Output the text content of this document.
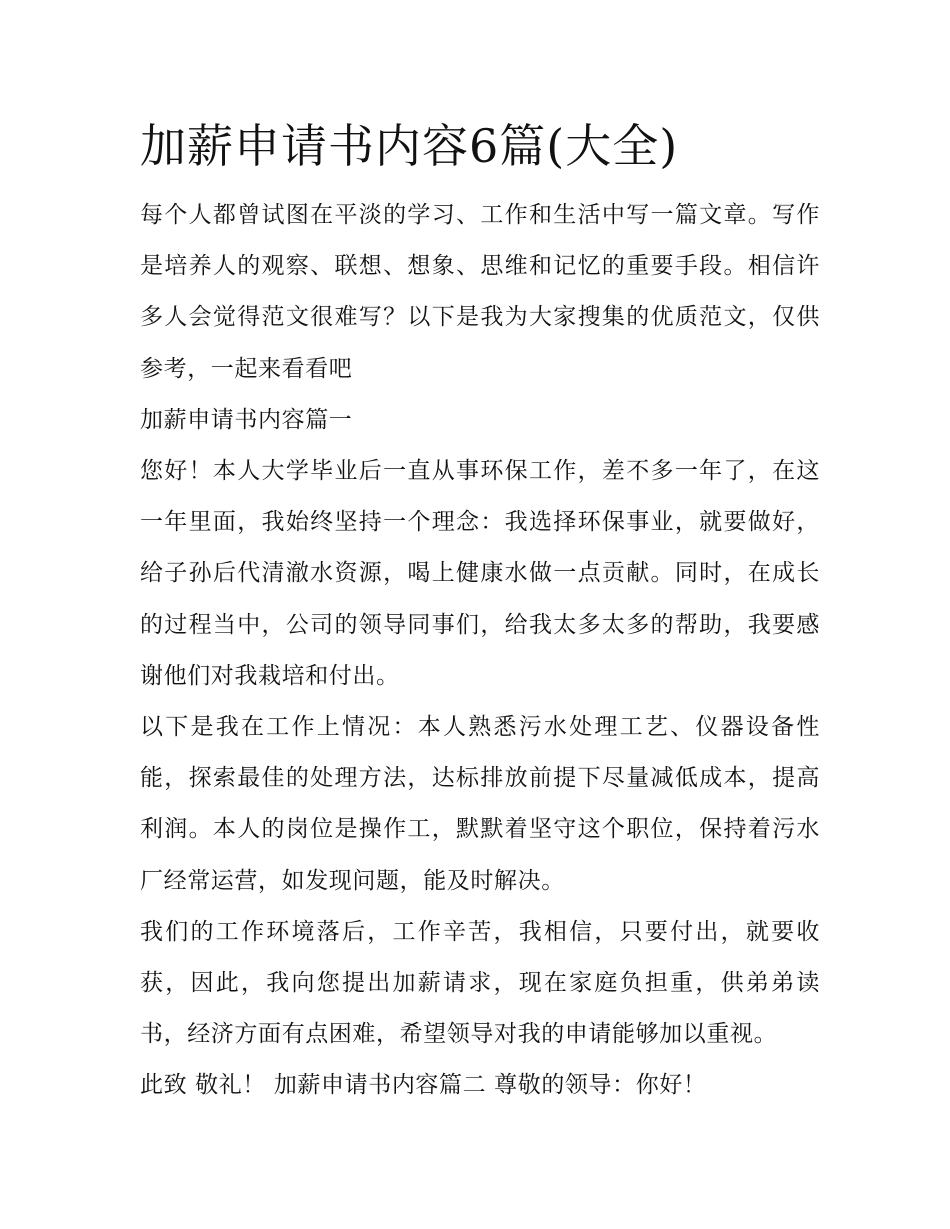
加薪申请书内容6篇(大全)

每个人都曾试图在平淡的学习、工作和生活中写一篇文章。写作是培养人的观察、联想、想象、思维和记忆的重要手段。相信许多人会觉得范文很难写？以下是我为大家搜集的优质范文，仅供参考，一起来看看吧

加薪申请书内容篇一

您好！本人大学毕业后一直从事环保工作，差不多一年了，在这一年里面，我始终坚持一个理念：我选择环保事业，就要做好，给子孙后代清澈水资源，喝上健康水做一点贡献。同时，在成长的过程当中，公司的领导同事们，给我太多太多的帮助，我要感谢他们对我栽培和付出。

以下是我在工作上情况：本人熟悉污水处理工艺、仪器设备性能，探索最佳的处理方法，达标排放前提下尽量减低成本，提高利润。本人的岗位是操作工，默默着坚守这个职位，保持着污水厂经常运营，如发现问题，能及时解决。

我们的工作环境落后，工作辛苦，我相信，只要付出，就要收获，因此，我向您提出加薪请求，现在家庭负担重，供弟弟读书，经济方面有点困难，希望领导对我的申请能够加以重视。

此致 敬礼！ 加薪申请书内容篇二 尊敬的领导：你好！
